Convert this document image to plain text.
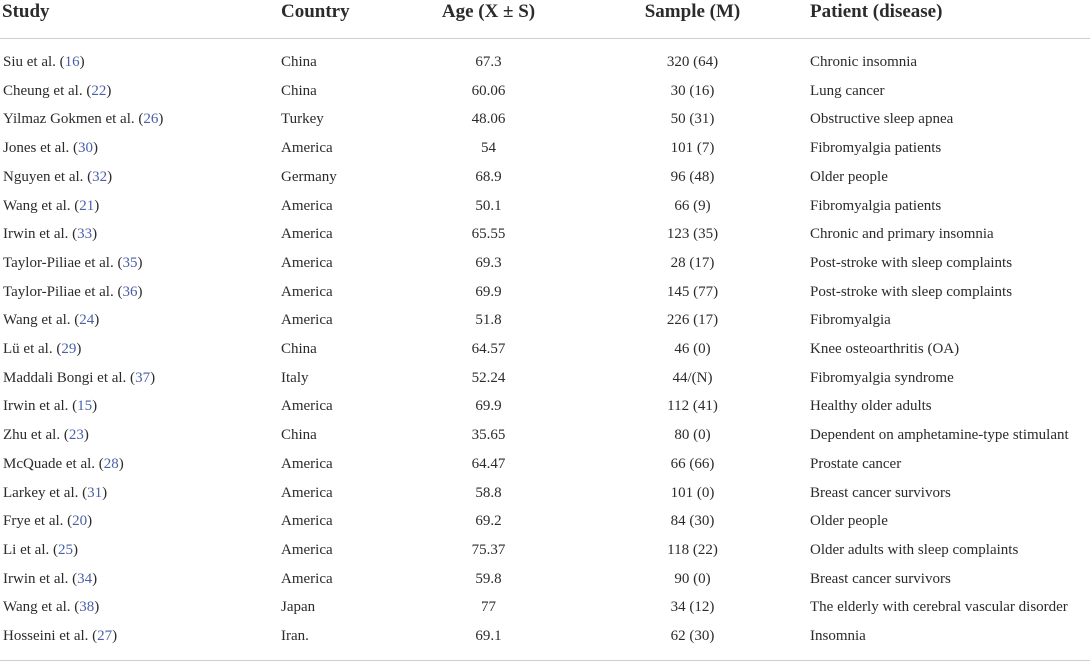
Study	Country	Age (X ± S)	Sample (M)	Patient (disease)

Siu et al. (16)	China	67.3	320 (64)	Chronic insomnia
Cheung et al. (22)	China	60.06	30 (16)	Lung cancer
Yilmaz Gokmen et al. (26)	Turkey	48.06	50 (31)	Obstructive sleep apnea
Jones et al. (30)	America	54	101 (7)	Fibromyalgia patients
Nguyen et al. (32)	Germany	68.9	96 (48)	Older people
Wang et al. (21)	America	50.1	66 (9)	Fibromyalgia patients
Irwin et al. (33)	America	65.55	123 (35)	Chronic and primary insomnia
Taylor-Piliae et al. (35)	America	69.3	28 (17)	Post-stroke with sleep complaints
Taylor-Piliae et al. (36)	America	69.9	145 (77)	Post-stroke with sleep complaints
Wang et al. (24)	America	51.8	226 (17)	Fibromyalgia
Lü et al. (29)	China	64.57	46 (0)	Knee osteoarthritis (OA)
Maddali Bongi et al. (37)	Italy	52.24	44/(N)	Fibromyalgia syndrome
Irwin et al. (15)	America	69.9	112 (41)	Healthy older adults
Zhu et al. (23)	China	35.65	80 (0)	Dependent on amphetamine-type stimulant
McQuade et al. (28)	America	64.47	66 (66)	Prostate cancer
Larkey et al. (31)	America	58.8	101 (0)	Breast cancer survivors
Frye et al. (20)	America	69.2	84 (30)	Older people
Li et al. (25)	America	75.37	118 (22)	Older adults with sleep complaints
Irwin et al. (34)	America	59.8	90 (0)	Breast cancer survivors
Wang et al. (38)	Japan	77	34 (12)	The elderly with cerebral vascular disorder
Hosseini et al. (27)	Iran.	69.1	62 (30)	Insomnia
